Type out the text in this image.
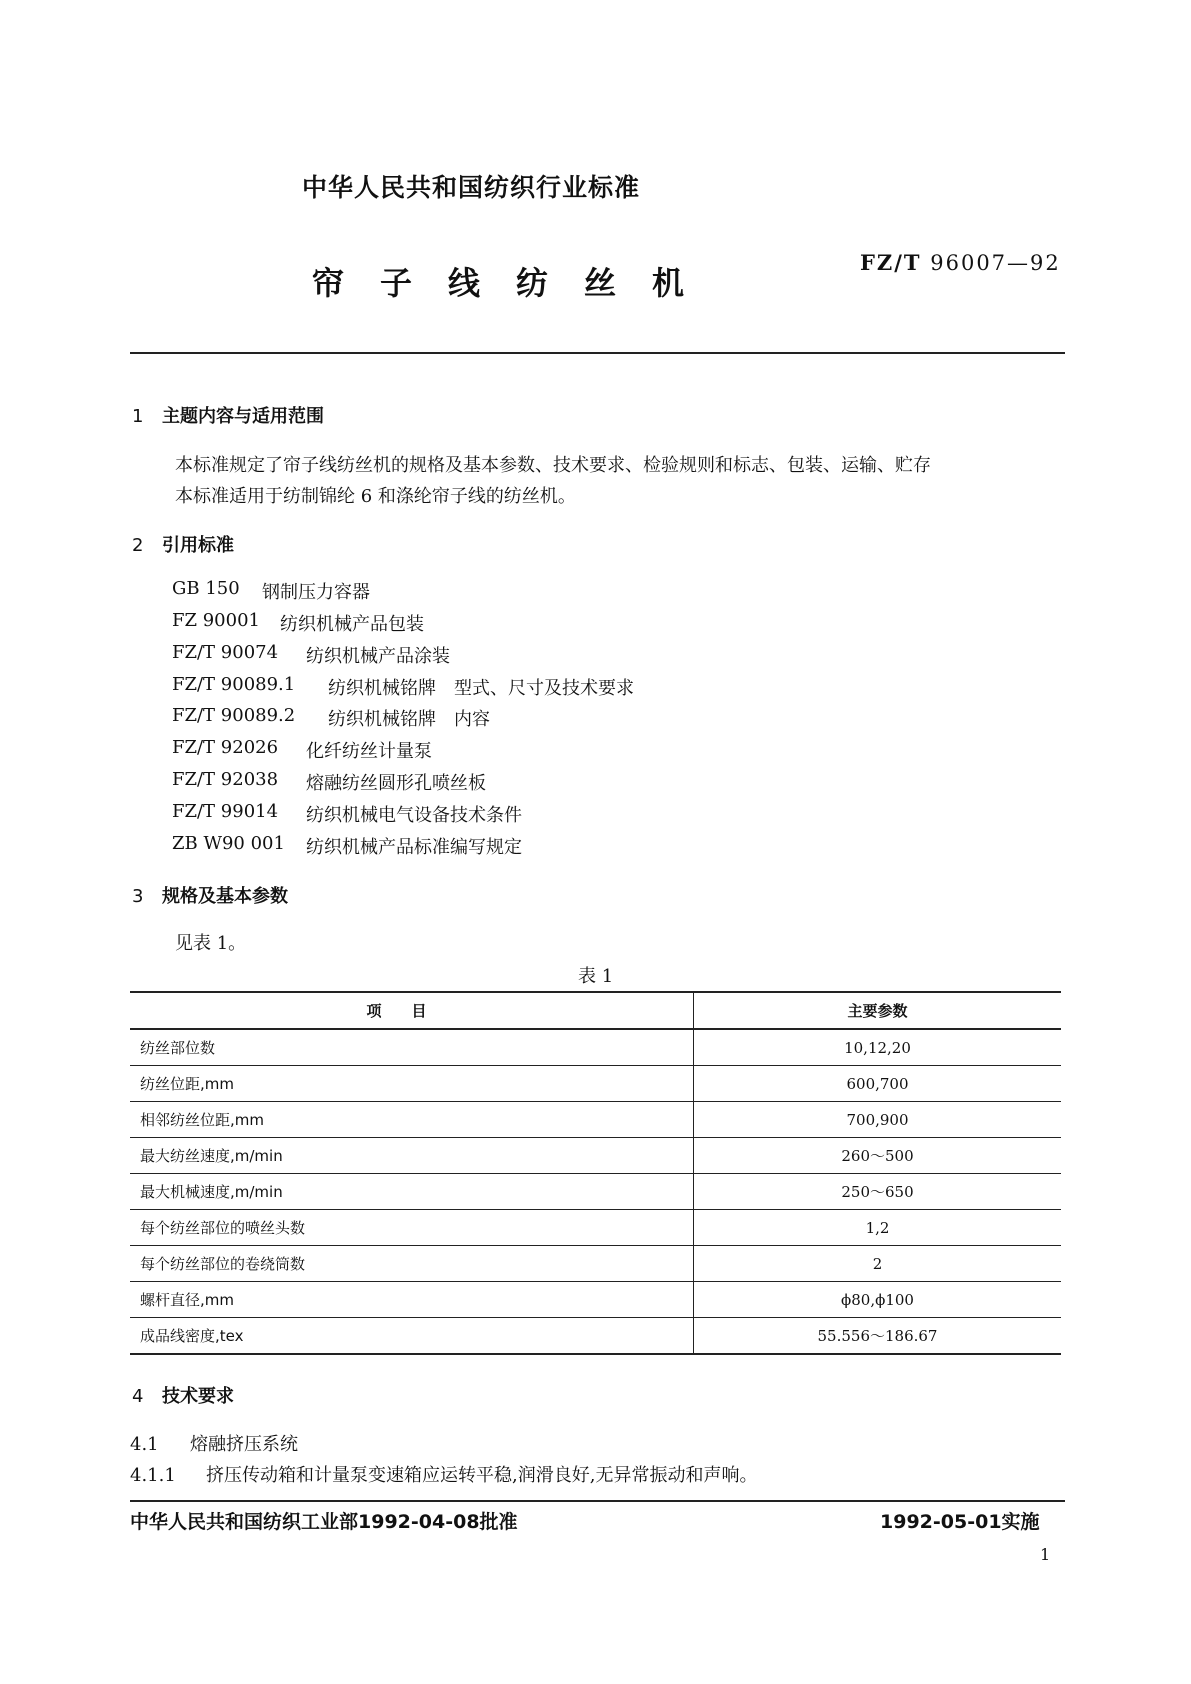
中华人民共和国纺织行业标准
帘子线纺丝机
FZ/T 96007—92
1 主题内容与适用范围
本标准规定了帘子线纺丝机的规格及基本参数、技术要求、检验规则和标志、包装、运输、贮存
本标准适用于纺制锦纶 6 和涤纶帘子线的纺丝机。
2 引用标准
GB 150 钢制压力容器
FZ 90001 纺织机械产品包装
FZ/T 90074 纺织机械产品涂装
FZ/T 90089.1 纺织机械铭牌　型式、尺寸及技术要求
FZ/T 90089.2 纺织机械铭牌　内容
FZ/T 92026 化纤纺丝计量泵
FZ/T 92038 熔融纺丝圆形孔喷丝板
FZ/T 99014 纺织机械电气设备技术条件
ZB W90 001 纺织机械产品标准编写规定
3 规格及基本参数
见表 1。
表 1
项目	主要参数
纺丝部位数	10,12,20
纺丝位距,mm	600,700
相邻纺丝位距,mm	700,900
最大纺丝速度,m/min	260～500
最大机械速度,m/min	250～650
每个纺丝部位的喷丝头数	1,2
每个纺丝部位的卷绕筒数	2
螺杆直径,mm	ϕ80,ϕ100
成品线密度,tex	55.556～186.67
4 技术要求
4.1 熔融挤压系统
4.1.1 挤压传动箱和计量泵变速箱应运转平稳,润滑良好,无异常振动和声响。
中华人民共和国纺织工业部1992-04-08批准	1992-05-01实施
1
